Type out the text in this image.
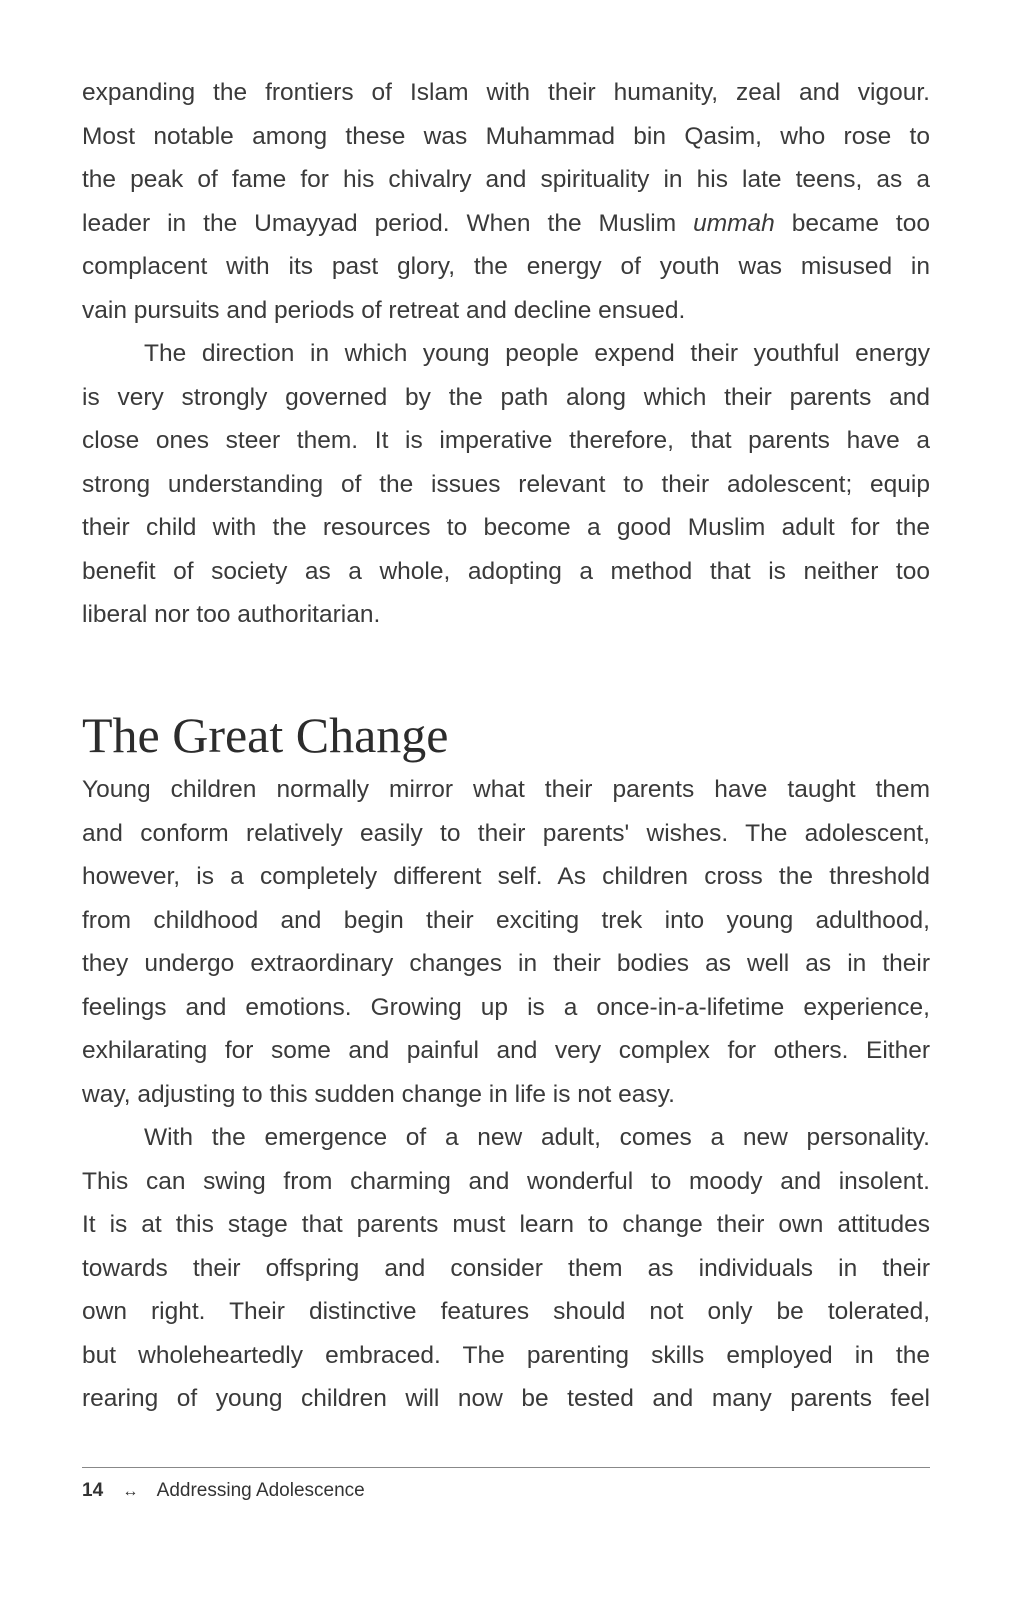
expanding the frontiers of Islam with their humanity, zeal and vigour.
Most notable among these was Muhammad bin Qasim, who rose to
the peak of fame for his chivalry and spirituality in his late teens, as a
leader in the Umayyad period. When the Muslim ummah became too
complacent with its past glory, the energy of youth was misused in
vain pursuits and periods of retreat and decline ensued.
The direction in which young people expend their youthful energy
is very strongly governed by the path along which their parents and
close ones steer them. It is imperative therefore, that parents have a
strong understanding of the issues relevant to their adolescent; equip
their child with the resources to become a good Muslim adult for the
benefit of society as a whole, adopting a method that is neither too
liberal nor too authoritarian.
The Great Change
Young children normally mirror what their parents have taught them
and conform relatively easily to their parents' wishes. The adolescent,
however, is a completely different self. As children cross the threshold
from childhood and begin their exciting trek into young adulthood,
they undergo extraordinary changes in their bodies as well as in their
feelings and emotions. Growing up is a once-in-a-lifetime experience,
exhilarating for some and painful and very complex for others. Either
way, adjusting to this sudden change in life is not easy.
With the emergence of a new adult, comes a new personality.
This can swing from charming and wonderful to moody and insolent.
It is at this stage that parents must learn to change their own attitudes
towards their offspring and consider them as individuals in their
own right. Their distinctive features should not only be tolerated,
but wholeheartedly embraced. The parenting skills employed in the
rearing of young children will now be tested and many parents feel
14 ↔ Addressing Adolescence
